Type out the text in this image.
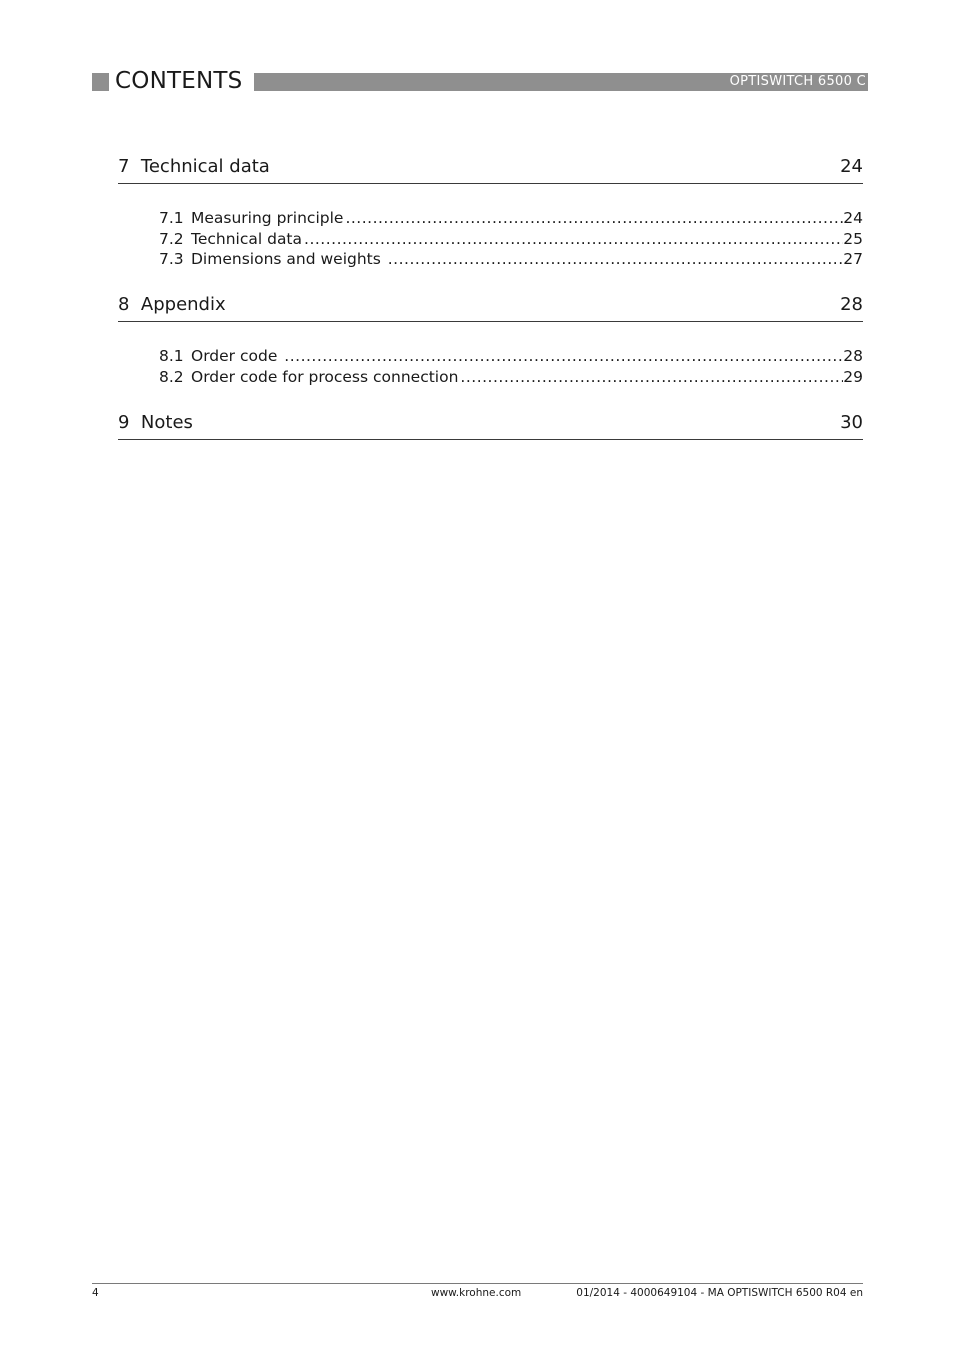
CONTENTS	OPTISWITCH 6500 C
7 Technical data	24
7.1 Measuring principle .....	24
7.2 Technical data .....	25
7.3 Dimensions and weights .....	27
8 Appendix	28
8.1 Order code .....	28
8.2 Order code for process connection .....	29
9 Notes	30
4	www.krohne.com	01/2014 - 4000649104 - MA OPTISWITCH 6500 R04 en
